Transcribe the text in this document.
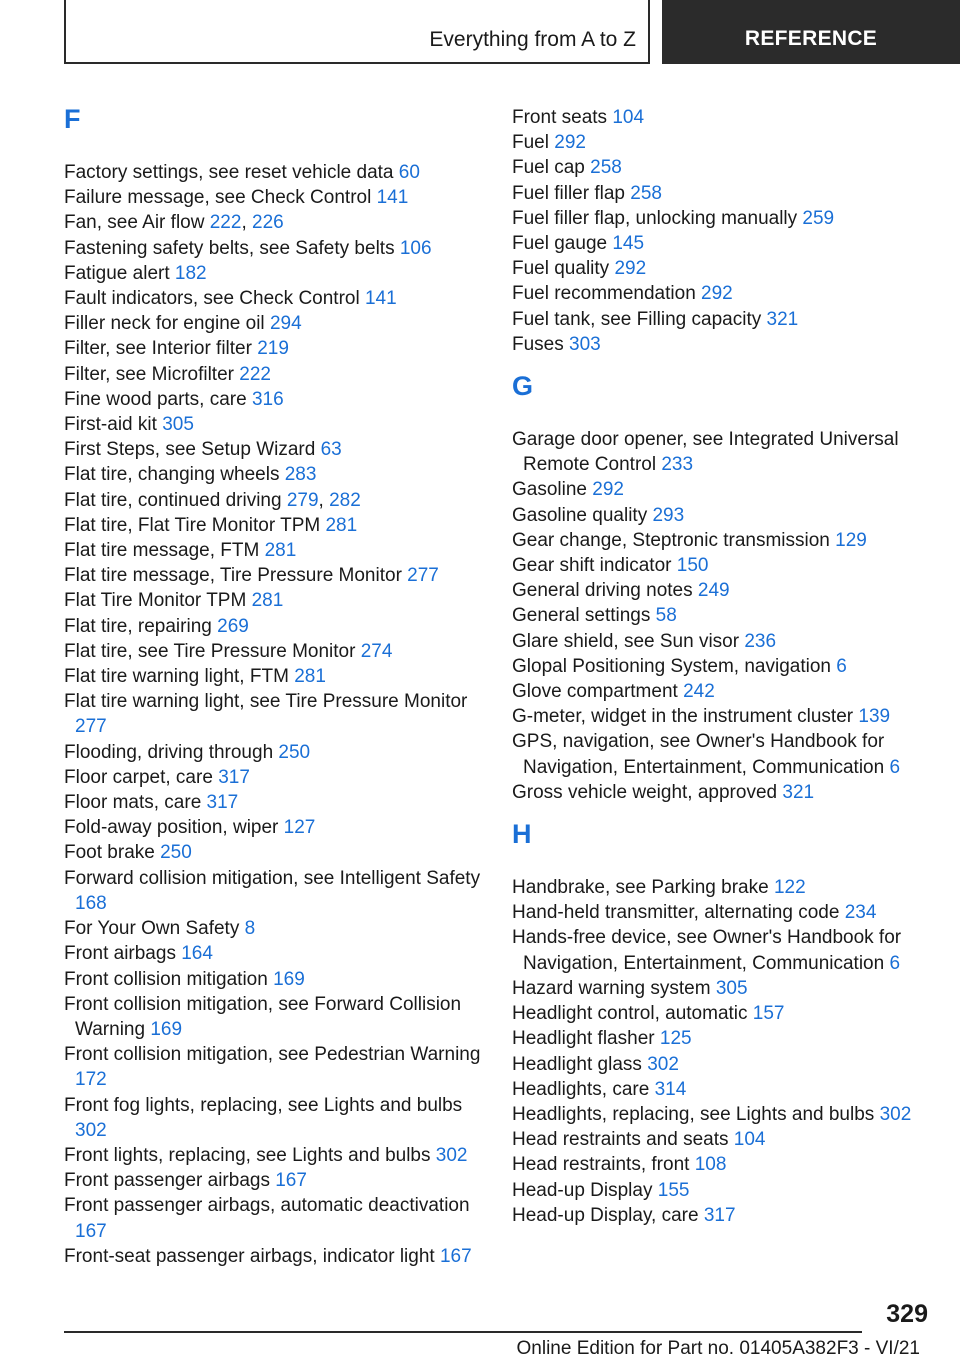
Everything from A to Z	REFERENCE
F
Factory settings, see reset vehicle data 60
Failure message, see Check Control 141
Fan, see Air flow 222, 226
Fastening safety belts, see Safety belts 106
Fatigue alert 182
Fault indicators, see Check Control 141
Filler neck for engine oil 294
Filter, see Interior filter 219
Filter, see Microfilter 222
Fine wood parts, care 316
First-aid kit 305
First Steps, see Setup Wizard 63
Flat tire, changing wheels 283
Flat tire, continued driving 279, 282
Flat tire, Flat Tire Monitor TPM 281
Flat tire message, FTM 281
Flat tire message, Tire Pressure Monitor 277
Flat Tire Monitor TPM 281
Flat tire, repairing 269
Flat tire, see Tire Pressure Monitor 274
Flat tire warning light, FTM 281
Flat tire warning light, see Tire Pressure Monitor 277
Flooding, driving through 250
Floor carpet, care 317
Floor mats, care 317
Fold-away position, wiper 127
Foot brake 250
Forward collision mitigation, see Intelligent Safety 168
For Your Own Safety 8
Front airbags 164
Front collision mitigation 169
Front collision mitigation, see Forward Collision Warning 169
Front collision mitigation, see Pedestrian Warning 172
Front fog lights, replacing, see Lights and bulbs 302
Front lights, replacing, see Lights and bulbs 302
Front passenger airbags 167
Front passenger airbags, automatic deactivation 167
Front-seat passenger airbags, indicator light 167
Front seats 104
Fuel 292
Fuel cap 258
Fuel filler flap 258
Fuel filler flap, unlocking manually 259
Fuel gauge 145
Fuel quality 292
Fuel recommendation 292
Fuel tank, see Filling capacity 321
Fuses 303
G
Garage door opener, see Integrated Universal Remote Control 233
Gasoline 292
Gasoline quality 293
Gear change, Steptronic transmission 129
Gear shift indicator 150
General driving notes 249
General settings 58
Glare shield, see Sun visor 236
Glopal Positioning System, navigation 6
Glove compartment 242
G-meter, widget in the instrument cluster 139
GPS, navigation, see Owner's Handbook for Navigation, Entertainment, Communication 6
Gross vehicle weight, approved 321
H
Handbrake, see Parking brake 122
Hand-held transmitter, alternating code 234
Hands-free device, see Owner's Handbook for Navigation, Entertainment, Communication 6
Hazard warning system 305
Headlight control, automatic 157
Headlight flasher 125
Headlight glass 302
Headlights, care 314
Headlights, replacing, see Lights and bulbs 302
Head restraints and seats 104
Head restraints, front 108
Head-up Display 155
Head-up Display, care 317
329
Online Edition for Part no. 01405A382F3 - VI/21
